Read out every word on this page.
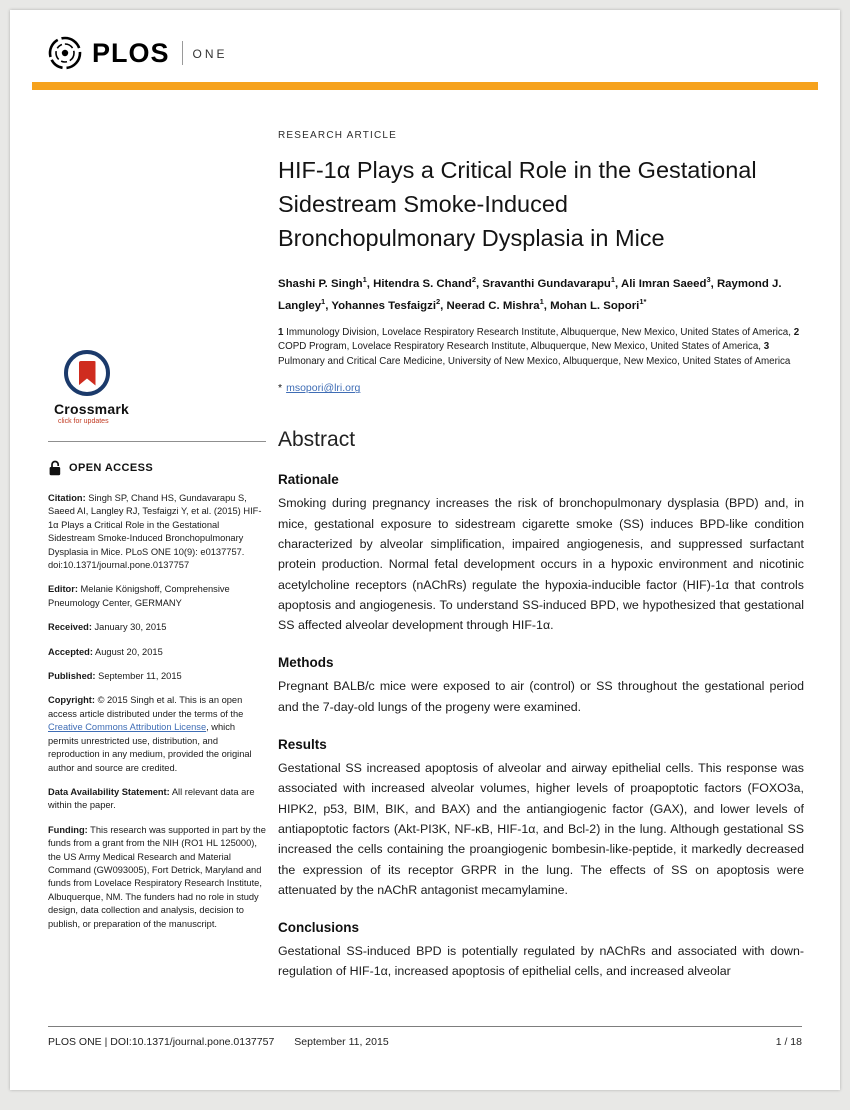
PLOS ONE
Crossmark
click for updates
OPEN ACCESS

Citation: Singh SP, Chand HS, Gundavarapu S, Saeed AI, Langley RJ, Tesfaigzi Y, et al. (2015) HIF-1α Plays a Critical Role in the Gestational Sidestream Smoke-Induced Bronchopulmonary Dysplasia in Mice. PLoS ONE 10(9): e0137757. doi:10.1371/journal.pone.0137757

Editor: Melanie Königshoff, Comprehensive Pneumology Center, GERMANY

Received: January 30, 2015

Accepted: August 20, 2015

Published: September 11, 2015

Copyright: © 2015 Singh et al. This is an open access article distributed under the terms of the Creative Commons Attribution License, which permits unrestricted use, distribution, and reproduction in any medium, provided the original author and source are credited.

Data Availability Statement: All relevant data are within the paper.

Funding: This research was supported in part by the funds from a grant from the NIH (RO1 HL 125000), the US Army Medical Research and Material Command (GW093005), Fort Detrick, Maryland and funds from Lovelace Respiratory Research Institute, Albuquerque, NM. The funders had no role in study design, data collection and analysis, decision to publish, or preparation of the manuscript.

RESEARCH ARTICLE
HIF-1α Plays a Critical Role in the Gestational
Sidestream Smoke-Induced
Bronchopulmonary Dysplasia in Mice

Shashi P. Singh$^1$, Hitendra S. Chand$^2$, Sravanthi Gundavarapu$^1$, Ali Imran Saeed$^3$, Raymond J. Langley$^1$, Yohannes Tesfaigzi$^2$, Neerad C. Mishra$^1$, Mohan L. Sopori$^{1*}$

1 Immunology Division, Lovelace Respiratory Research Institute, Albuquerque, New Mexico, United States of America, 2 COPD Program, Lovelace Respiratory Research Institute, Albuquerque, New Mexico, United States of America, 3 Pulmonary and Critical Care Medicine, University of New Mexico, Albuquerque, New Mexico, United States of America

* msopori@lri.org

Abstract
Rationale

Smoking during pregnancy increases the risk of bronchopulmonary dysplasia (BPD) and, in mice, gestational exposure to sidestream cigarette smoke (SS) induces BPD-like condition characterized by alveolar simplification, impaired angiogenesis, and suppressed surfactant protein production. Normal fetal development occurs in a hypoxic environment and nicotinic acetylcholine receptors (nAChRs) regulate the hypoxia-inducible factor (HIF)-1α that controls apoptosis and angiogenesis. To understand SS-induced BPD, we hypothesized that gestational SS affected alveolar development through HIF-1α.

Methods

Pregnant BALB/c mice were exposed to air (control) or SS throughout the gestational period and the 7-day-old lungs of the progeny were examined.

Results

Gestational SS increased apoptosis of alveolar and airway epithelial cells. This response was associated with increased alveolar volumes, higher levels of proapoptotic factors (FOXO3a, HIPK2, p53, BIM, BIK, and BAX) and the antiangiogenic factor (GAX), and lower levels of antiapoptotic factors (Akt-PI3K, NF-κB, HIF-1α, and Bcl-2) in the lung. Although gestational SS increased the cells containing the proangiogenic bombesin-like-peptide, it markedly decreased the expression of its receptor GRPR in the lung. The effects of SS on apoptosis were attenuated by the nAChR antagonist mecamylamine.

Conclusions

Gestational SS-induced BPD is potentially regulated by nAChRs and associated with down-regulation of HIF-1α, increased apoptosis of epithelial cells, and increased alveolar

PLOS ONE | DOI:10.1371/journal.pone.0137757 September 11, 2015	1 / 18
